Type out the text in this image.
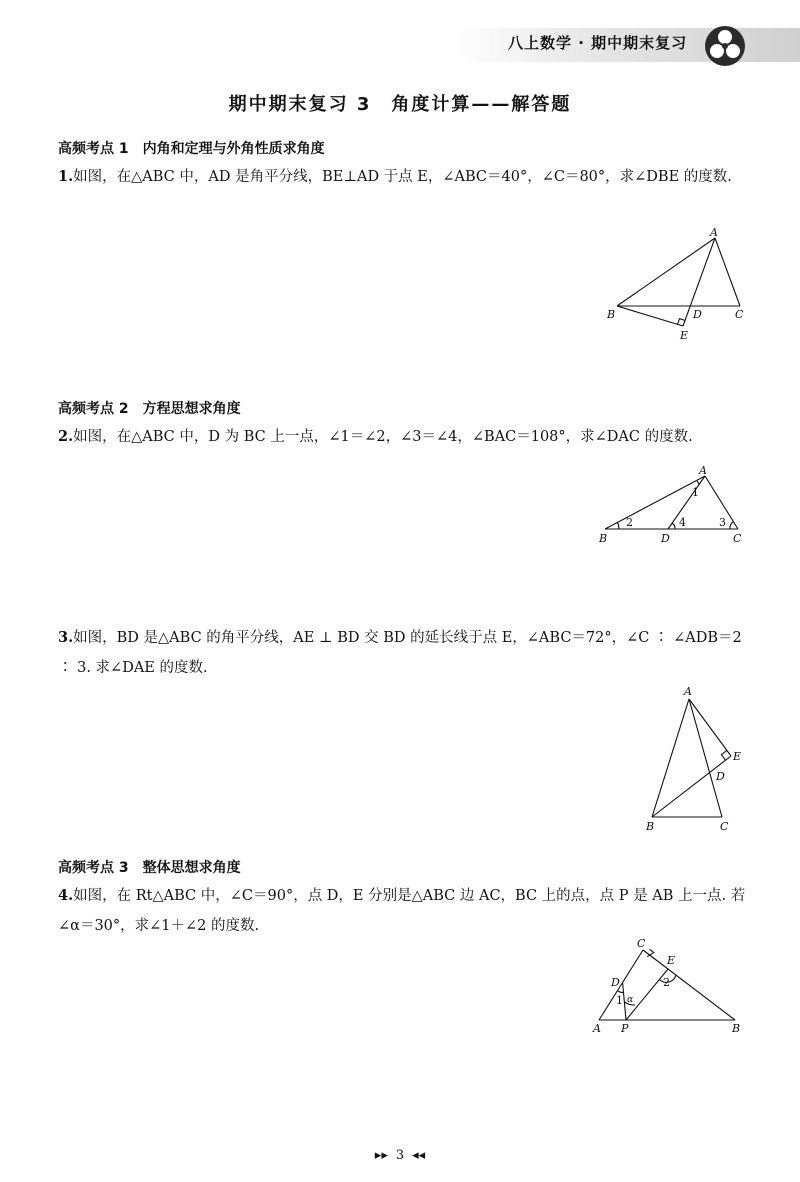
八上数学 · 期中期末复习
期中期末复习 3　角度计算——解答题
高频考点 1 内角和定理与外角性质求角度
1.如图，在△ABC 中，AD 是角平分线，BE⊥AD 于点 E，∠ABC＝40°，∠C＝80°，求∠DBE 的度数.
A
B	C
D
E
高频考点 2 方程思想求角度
2.如图，在△ABC 中，D 为 BC 上一点，∠1＝∠2，∠3＝∠4，∠BAC＝108°，求∠DAC 的度数.
A
B	C
D
1
2	3
4
3.如图，BD 是△ABC 的角平分线，AE ⊥ BD 交 BD 的延长线于点 E，∠ABC＝72°，∠C ∶ ∠ADB＝2 ∶ 3. 求∠DAE 的度数.
A
B	C
D
E
高频考点 3 整体思想求角度
4.如图，在 Rt△ABC 中，∠C＝90°，点 D，E 分别是△ABC 边 AC，BC 上的点，点 P 是 AB 上一点. 若∠α＝30°，求∠1＋∠2 的度数.
C
E
D
A P	B
1
2
α
▸▸ 3 ◂◂
